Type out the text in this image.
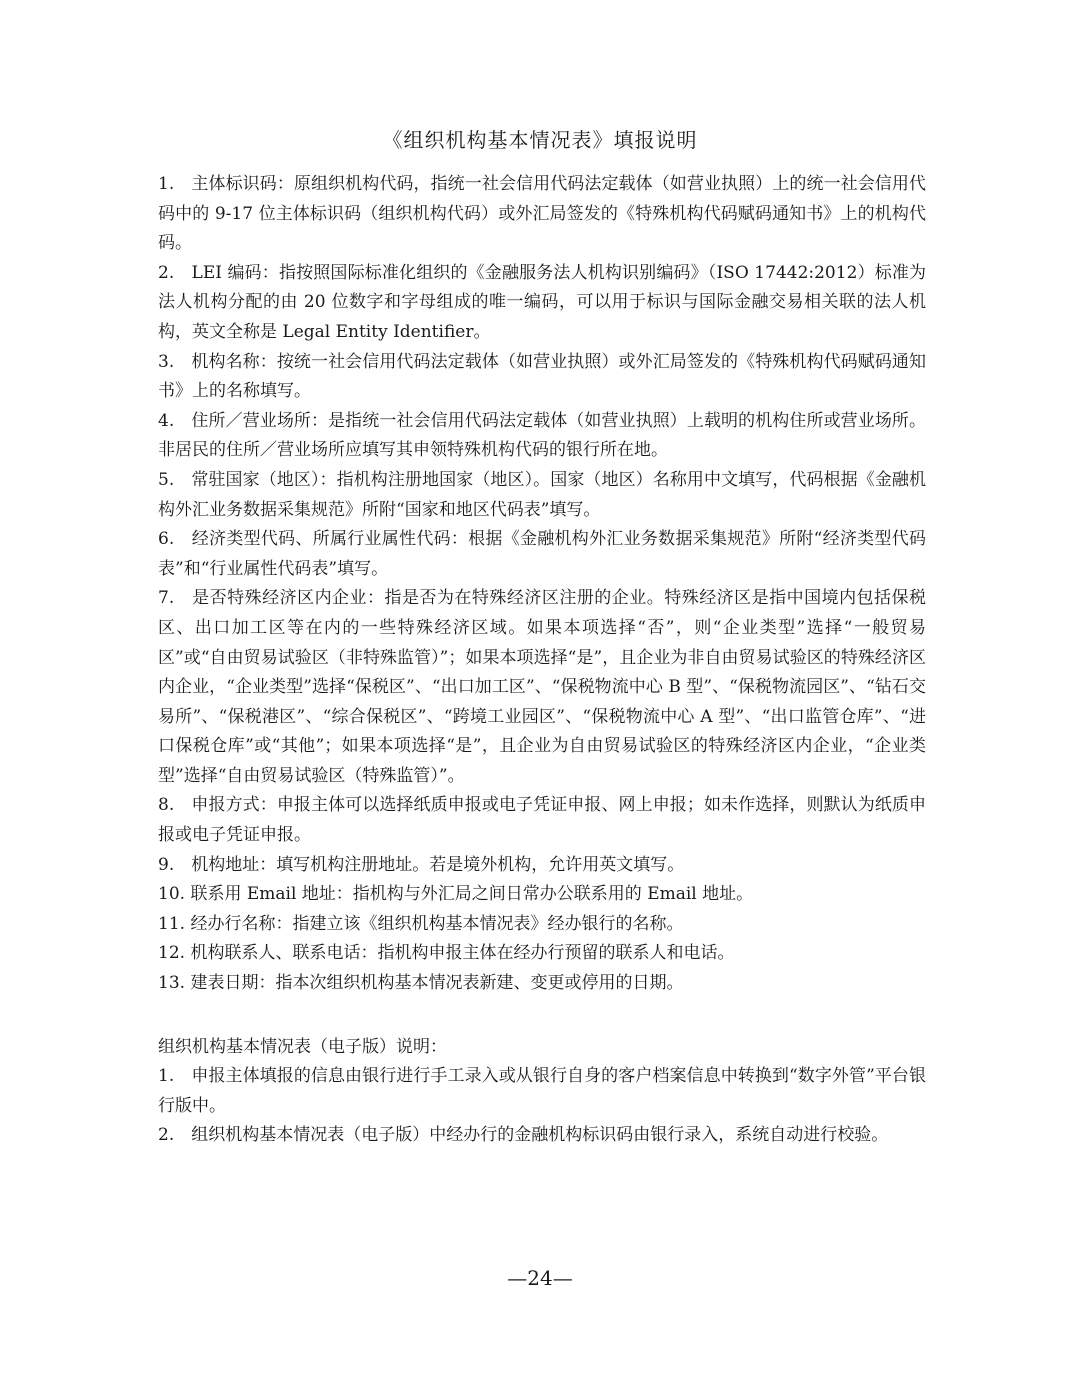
《组织机构基本情况表》填报说明

1.　主体标识码：原组织机构代码，指统一社会信用代码法定载体（如营业执照）上的统一社会信用代码中的 9-17 位主体标识码（组织机构代码）或外汇局签发的《特殊机构代码赋码通知书》上的机构代码。

2.　LEI 编码：指按照国际标准化组织的《金融服务法人机构识别编码》（ISO 17442:2012）标准为法人机构分配的由 20 位数字和字母组成的唯一编码，可以用于标识与国际金融交易相关联的法人机构，英文全称是 Legal Entity Identifier。

3.　机构名称：按统一社会信用代码法定载体（如营业执照）或外汇局签发的《特殊机构代码赋码通知书》上的名称填写。

4.　住所／营业场所：是指统一社会信用代码法定载体（如营业执照）上载明的机构住所或营业场所。非居民的住所／营业场所应填写其申领特殊机构代码的银行所在地。

5.　常驻国家（地区）：指机构注册地国家（地区）。国家（地区）名称用中文填写，代码根据《金融机构外汇业务数据采集规范》所附“国家和地区代码表”填写。

6.　经济类型代码、所属行业属性代码：根据《金融机构外汇业务数据采集规范》所附“经济类型代码表”和“行业属性代码表”填写。

7.　是否特殊经济区内企业：指是否为在特殊经济区注册的企业。特殊经济区是指中国境内包括保税区、出口加工区等在内的一些特殊经济区域。如果本项选择“否”，则“企业类型”选择“一般贸易区”或“自由贸易试验区（非特殊监管）”；如果本项选择“是”，且企业为非自由贸易试验区的特殊经济区内企业，“企业类型”选择“保税区”、“出口加工区”、“保税物流中心 B 型”、“保税物流园区”、“钻石交易所”、“保税港区”、“综合保税区”、“跨境工业园区”、“保税物流中心 A 型”、“出口监管仓库”、“进口保税仓库”或“其他”；如果本项选择“是”，且企业为自由贸易试验区的特殊经济区内企业，“企业类型”选择“自由贸易试验区（特殊监管）”。

8.　申报方式：申报主体可以选择纸质申报或电子凭证申报、网上申报；如未作选择，则默认为纸质申报或电子凭证申报。

9.　机构地址：填写机构注册地址。若是境外机构，允许用英文填写。

10. 联系用 Email 地址：指机构与外汇局之间日常办公联系用的 Email 地址。

11. 经办行名称：指建立该《组织机构基本情况表》经办银行的名称。

12. 机构联系人、联系电话：指机构申报主体在经办行预留的联系人和电话。

13. 建表日期：指本次组织机构基本情况表新建、变更或停用的日期。

组织机构基本情况表（电子版）说明：

1.　申报主体填报的信息由银行进行手工录入或从银行自身的客户档案信息中转换到“数字外管”平台银行版中。

2.　组织机构基本情况表（电子版）中经办行的金融机构标识码由银行录入，系统自动进行校验。

—24—
